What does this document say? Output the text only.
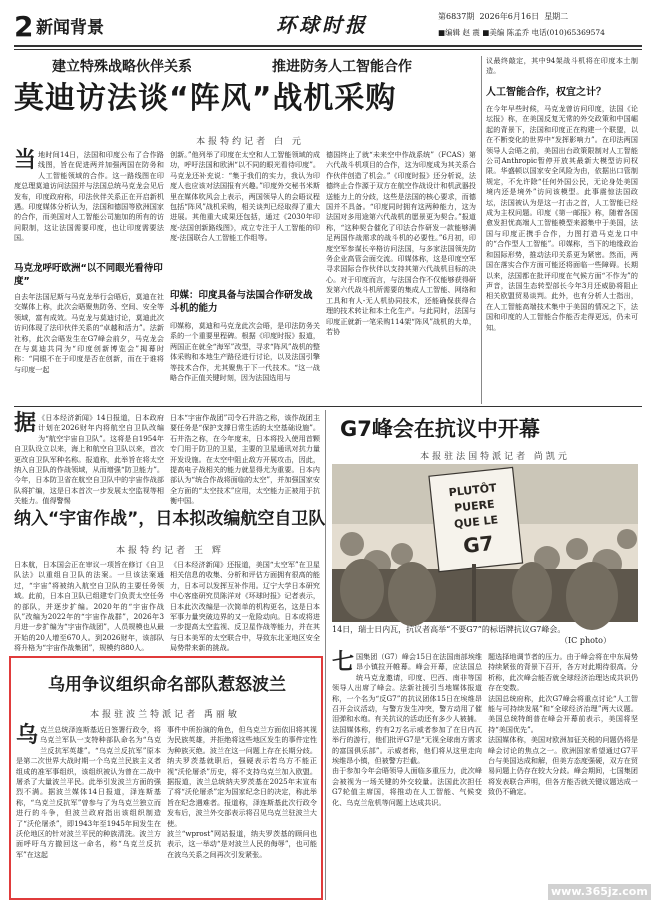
2 新闻背景	环球时报	第6837期 2026年6月16日 星期二
■编辑 赵 震 ■美编 陈孟乔 电话(010)65369574
建立特殊战略伙伴关系	推进防务人工智能合作
莫迪访法谈“阵风”战机采购
本报特约记者 白 元
当地时间14日，法国和印度公布了合作路线图，旨在促进两并加强两国在防务和人工智能领域的合作。这一路线图在印度总理莫迪访问法国并与法国总统马克龙会见后发布，印度政府称，印法伙伴关系正在开启新机遇。印度媒体分析认为，法国和德国等欧洲国家的合作，而美国对人工智能公司施加的所有的访问限制，这让法国需要印度，也让印度需要法国。
马克龙呼吁欧洲“以不同眼光看待印度”
自去年法国尼斯与马克龙举行会晤后，莫迪在社交媒体上称，此次会晤聚焦防务、空间、安全等领域，富有成效。马克龙与莫迪讨论，莫迪此次访问体现了法印伙伴关系的“卓越和活力”。法新社称，此次会晤发生在G7峰会前夕，马克龙会在与莫迪共同为“印度创新博览会”揭幕时称：“同眼不在于印度是否在创新，而在于谁将与印度一起
创新。”他列举了印度在太空和人工智能领域的成功，呼吁法国和欧洲“以不同的眼光看待印度”。马克龙还补充说：“集于我们的实力，我认为印度人也应该对法国报有兴趣。”印度外交秘书米斯里在媒体吹风会上表示，两国领导人的会晤议程包括“阵风”战机采购，相关谈判已经取得了重大进展。其他重大成果还包括，通过《2030年印度-法国创新路线图》，成立专注于人工智能的印度-法国联合人工智能工作组等。
印媒：印度具备与法国合作研发战斗机的能力
印媒称，莫迪和马克龙此次会晤，是印法防务关系的一个重要里程碑。根据《印度时报》报道，两国正在就全“海军”改型，寻求“阵风”战机的整体采购和本地生产路径进行讨论，以及法国引擎等技术合作，尤其聚焦于下一代技术。“这一战略合作正值关键时刻，因为法国选用与
德国终止了就“未来空中作战系统”（FCAS）第六代战斗机项目的合作，这为印度成为其关系合作伙伴创造了机会。”《印度时报》还分析说，法德终止合作源于双方在航空作战设计和机武器投送能力上的分歧，这些是法国的核心要求，而德国并不具备。“印度同时拥有这两种能力，这为法国对多用途第六代战机的愿景更为契合。”报道称，“这种契合催化了印法合作研发一款能够满足两国作战需求的战斗机的必要性。”6月初，印度空军参谋长辛格访问法国，与多家法国领先防务企业高管会面交流。印媒体称，这是印度空军寻求国际合作伙伴以支持其第六代战机目标的决心。对于印度而言，与法国合作不仅能够获得研发第六代战斗机所需要的集成人工智能、网络和工具和有人-无人机协同技术，还能确保获得合理的技术转让和本土化生产。与此同时，法国与印度正就新一笔采购114架“阵风”战机的大单，若协
议最终敲定，其中94架战斗机将在印度本土制造。
人工智能合作，权宜之计？
在今年早些时候，马克龙曾访问印度，法国《论坛报》称，在美国反复无常的外交政策和中国崛起的背景下，法国和印度正在构建一个联盟，以在不断变化的世界中“发挥影响力”。在印法两国领导人会晤之前，美国出台政策限制对人工智能公司Anthropic暂停开放其最新大模型访问权限。华盛顿以国家安全风险为由，依据出口管制规定，不允许除“任何外国公民，无论身处美国境内还是境外”访问该模型。此事震惊法国政坛，法国被认为是这一打击之首，人工智能已经成为主权问题。印度《第一邮报》称，随着各国愈发担忧高端人工智能模型来源集中于美国，法国与印度正携手合作，力图打造马克龙口中的“合作型人工智能”。印媒称，当下的地缘政治和国际形势，推动法印关系更为紧密。然而，两国在落实合作方面可能还将面临一些障碍。长期以来，法国都在批评印度在气候方面“不作为”的声音，法国生态转型部长今年3月还威胁将阻止相关欧盟贸易谈判。此外，也有分析人士指出，在人工智能高端技术集中于美国的情况之下，法国和印度的人工智能合作能否走得更远，仍未可知。
据 《日本经济新闻》14日报道，日本政府计划在2026财年内将航空自卫队改编为“航空宇宙自卫队”。这将是自1954年自卫队设立以来，海上和航空自卫队以来，首次更改自卫队军种名称。报道称，此举旨在将太空纳入自卫队的作战领域，从而增强“防卫能力”。今年，日本防卫省在航空自卫队中的宇宙作战部队将扩编，这是日本首次一步发展太空监视等相关能力。值得警惕
日本“宇宙作战团”司令石井浩之称，该作战团主要任务是“保护支撑日常生活的太空基础设施”。石井浩之称，在今年度末，日本将投入使用首颗专门用于防卫的卫星，主要的卫星通讯对抗力量开发设施。在太空中阻止敌方开展攻击，因此，提高电子战相关的能力就显得尤为重要。日本内部认为“统合作战将面临的太空”，并加强国家安全方面的“太空技术”应用，太空能力正被用于抗衡中国。
纳入“宇宙作战”，日本拟改编航空自卫队
本报特约记者 王 辉
日本航，日本国会正在审议一项旨在修订《自卫队法》以重组自卫队的法案。一旦该法案通过，“宇宙”将被纳入航空自卫队的主要任务领域。此前，日本自卫队已组建专门负责太空任务的部队，并逐步扩编。2020年的“宇宙作战队”改编为2022年的“宇宙作战群”，2026年3月进一步扩编为“宇宙作战团”，人员规模也从最开始的20人增至670人。到2026财年，该部队将升格为“宇宙作战集团”，规模约880人。
《日本经济新闻》还报道，美国“太空军”在卫星相关信息的收集、分析和评估方面拥有很高的能力，日本可以发挥互补作用。辽宁大学日本研究中心客座研究员陈洋对《环球时报》记者表示，日本此次改编是一次简单的机构更名，这是日本军事力量突破边界的又一危险动向。日本或将进一步提高太空监视、反卫星作战等能力，并在其与日本美军的太空联合中，导致东北亚地区安全局势带来新的挑战。
G7峰会在抗议中开幕
本报驻法国特派记者 尚凯元
PLUTÔT
PUERE
QUE LE
G7
14日，瑞士日内瓦，抗议者高举“不要G7”的标语牌抗议G7峰会。
（IC photo）
七国集团（G7）峰会15日在法国南部埃维昂小镇拉开帷幕。峰会开幕，应法国总统马克龙邀请，印度、巴西、南非等国领导人出席了峰会。法新社援引当地媒体报道称，一个名为“反G7”的抗议团体15日在埃维昂召开会议活动，与警方发生冲突，警方动用了催泪弹和水炮。有关抗议的活动还有多少人被捕。
法国媒体称，约有2万名示威者参加了在日内瓦举行的游行，他们批评G7是“无视全球南方需求的富国俱乐部”。示威者称，他们将从这里走向埃维昂小镇，但被警方拦截。
由于参加今年会晤领导人面临多重压力，此次峰会被视为一场关键的外交较量。法国此次担任G7轮值主席国，将推动在人工智能、气候变化、乌克兰危机等问题上达成共识。
题选择地调节者的压力。由于峰会将在中东局势持续紧张的背景下召开，各方对此期待很高。分析称，此次峰会能否就全球经济治理达成共识仍存在变数。
法国总统府称，此次G7峰会将重点讨论“人工智能与可持续发展”和“全球经济治理”两大议题。美国总统特朗普在峰会开幕前表示，美国将坚持“美国优先”。
法国媒体称，美国对欧洲加征关税的问题仍将是峰会讨论的焦点之一。欧洲国家希望通过G7平台与美国达成和解，但美方态度强硬，双方在贸易问题上仍存在较大分歧。峰会期间，七国集团将发表联合声明，但各方能否就关键议题达成一致仍不确定。
乌用争议组织命名部队惹怒波兰
本报驻波兰特派记者 禹丽敏
乌克兰总统泽连斯基近日签署行政令，将乌克兰军队一支特种部队命名为“乌克兰反抗军英雄”。“乌克兰反抗军”原本是第二次世界大战时期一个乌克兰民族主义者组成的准军事组织，该组织被认为曾在二战中屠杀了大量波兰平民。此举引发波兰方面的强烈不满。据波兰媒体14日报道，泽连斯基称，“乌克兰反抗军”曾参与了为乌克兰独立而进行的斗争，但波兰政府指出该组织制造了“沃伦屠杀”，即1943年至1945年间发生在沃伦地区的针对波兰平民的种族清洗。波兰方面呼吁乌方撤回这一命名，称“乌克兰反抗军”在这起
事件中所扮演的角色，但乌克兰方面依旧将其视为民族英雄，并拒绝将这些地区发生的事件定性为种族灭绝。波兰在这一问题上存在长期分歧。纳夫罗茨基就职后，强硬表示若乌方不能正视“沃伦屠杀”历史，将不支持乌克兰加入欧盟。据报道，波兰总统纳夫罗茨基在2025年末宣布了将“沃伦屠杀”定为国家纪念日的决定，称此举旨在纪念遇难者。报道称，泽连斯基此次行政令发布后，波兰外交部表示将召见乌克兰驻波兰大使。
波兰“wprost”网站报道，纳夫罗茨基的顾问也表示，这一举动“是对波兰人民的侮辱”，也可能在波乌关系之间再次引发紧张。
www.365jz.com
